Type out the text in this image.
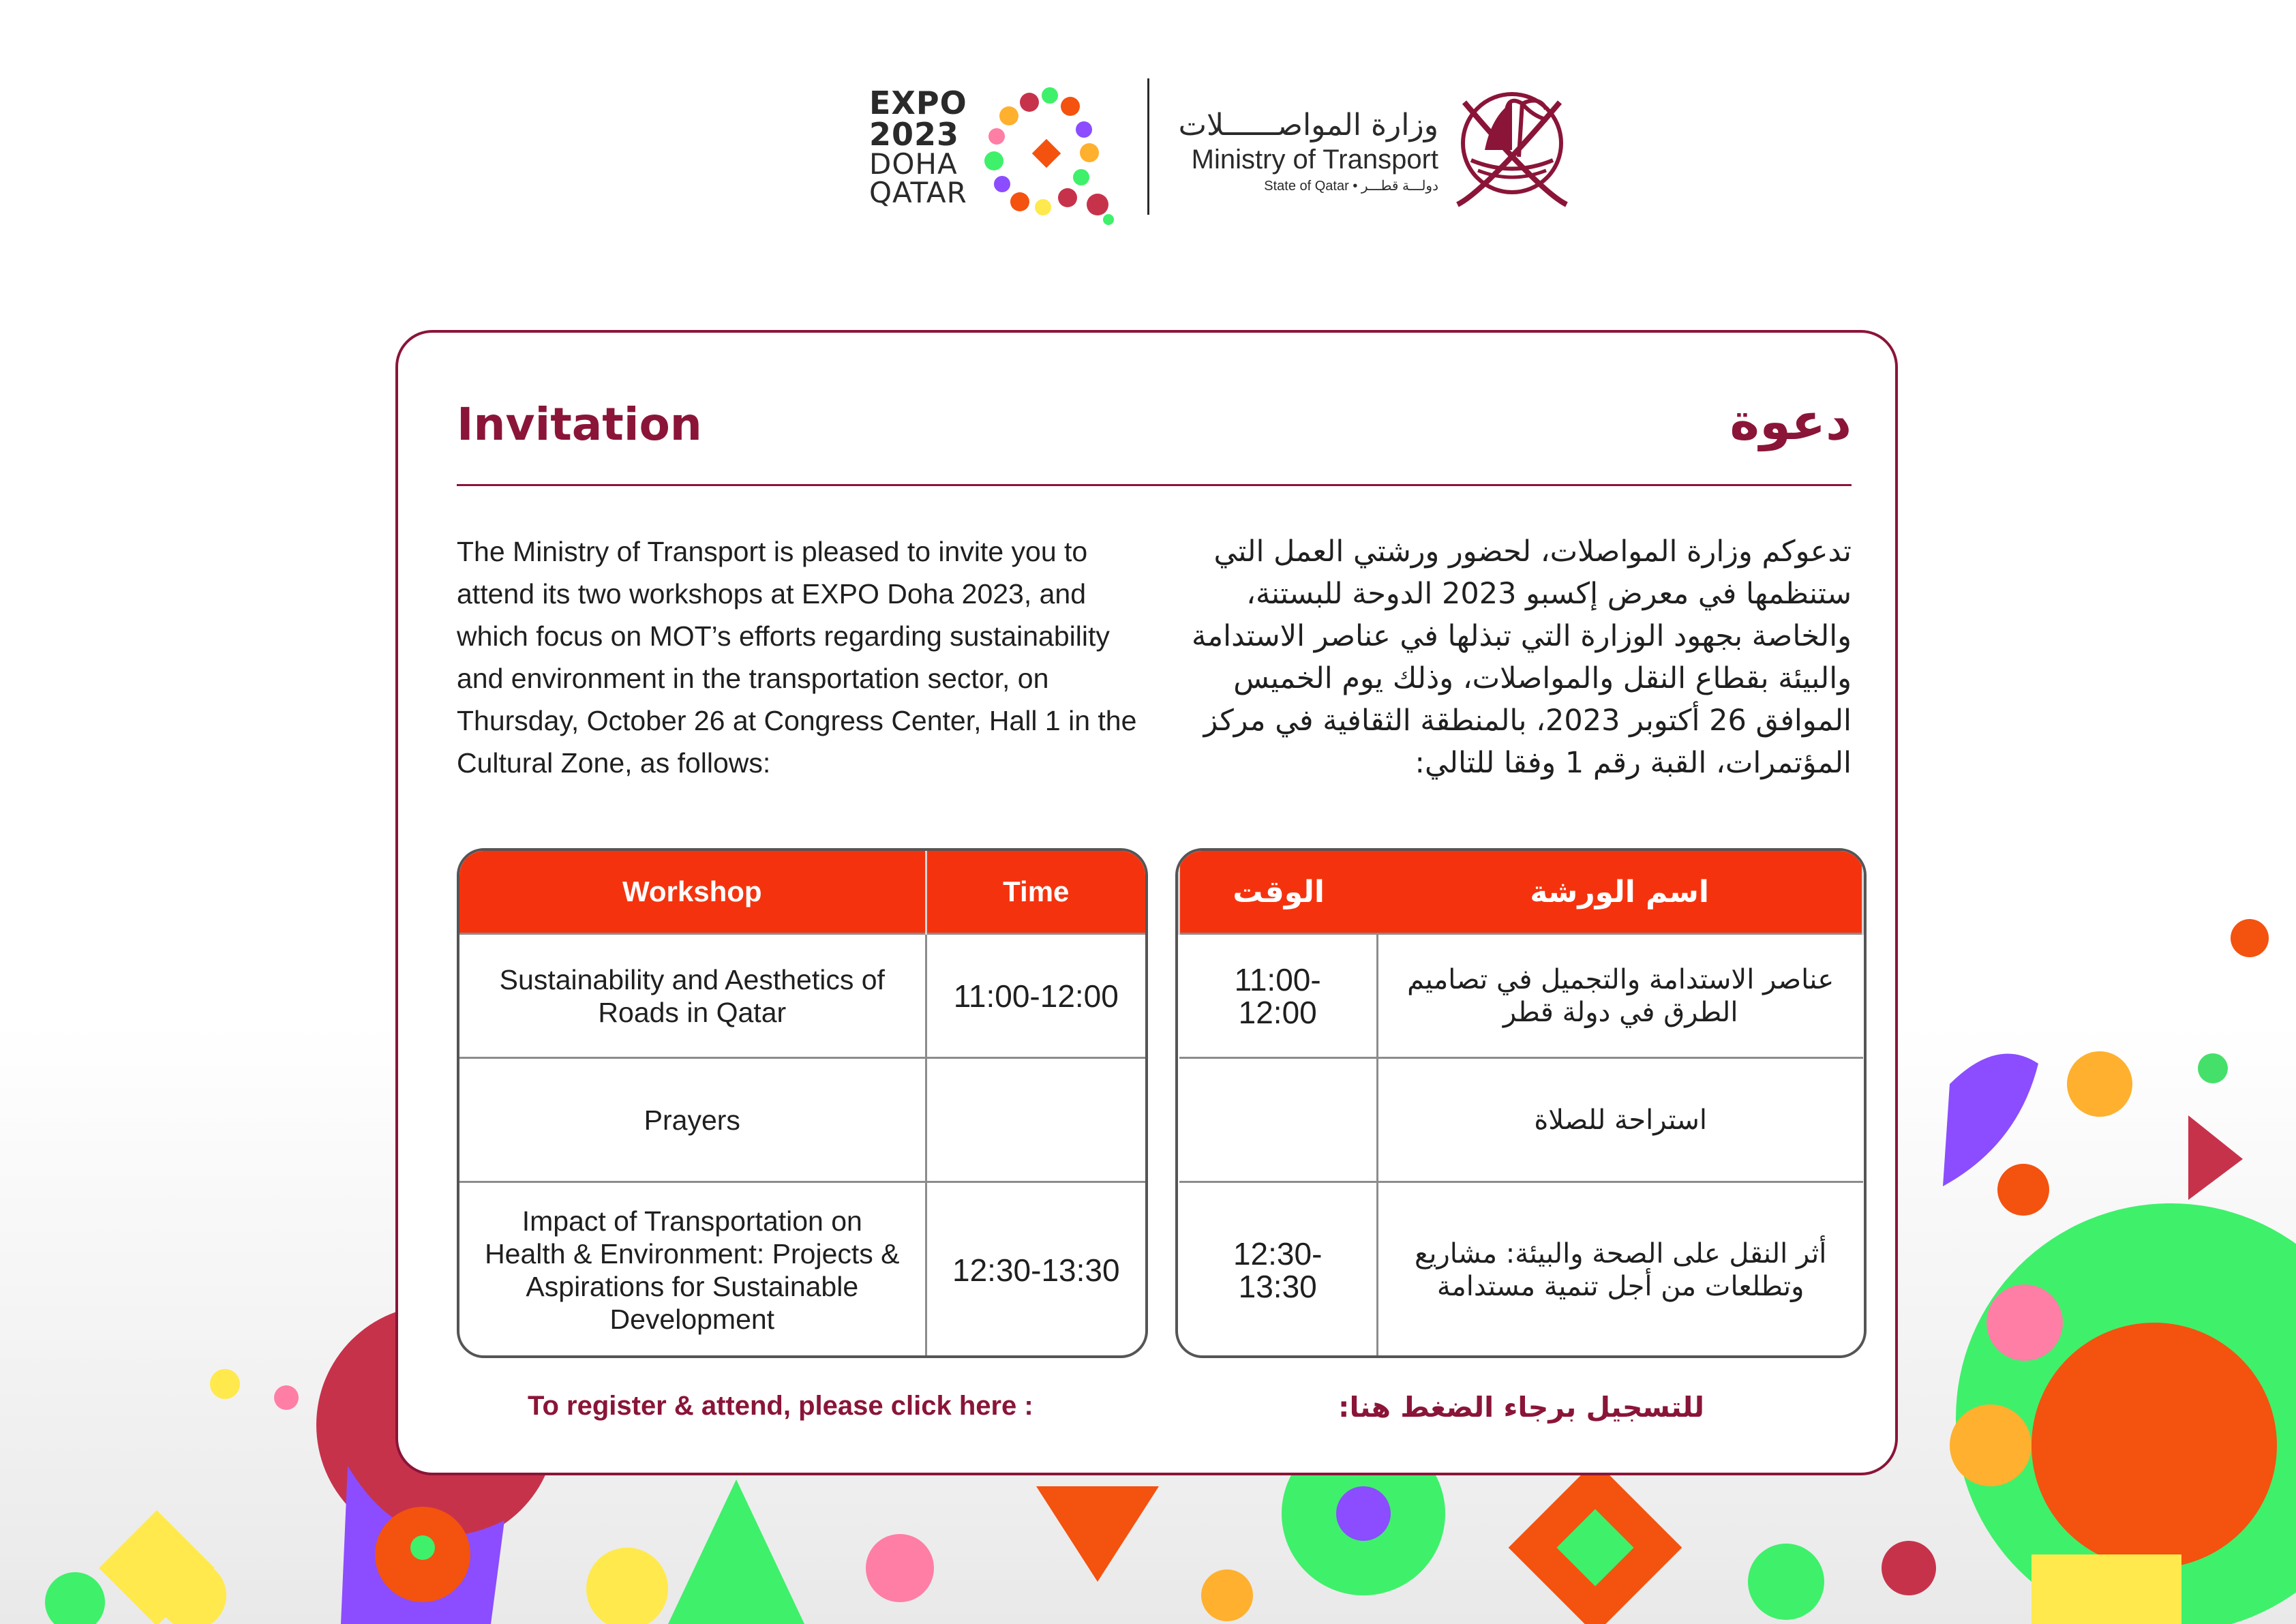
EXPO
2023
DOHA
QATAR
وزارة المواصــــــلات
Ministry of Transport
State of Qatar • دولـــة قطـــر
Invitation	دعوة
The Ministry of Transport is pleased to invite you to attend its two workshops at EXPO Doha 2023, and which focus on MOT’s efforts regarding sustainability and environment in the transportation sector, on Thursday, October 26 at Congress Center, Hall 1 in the Cultural Zone, as follows:
تدعوكم وزارة المواصلات، لحضور ورشتي العمل التي ستنظمها في معرض إكسبو 2023 الدوحة للبستنة، والخاصة بجهود الوزارة التي تبذلها في عناصر الاستدامة والبيئة بقطاع النقل والمواصلات، وذلك يوم الخميس الموافق 26 أكتوبر 2023، بالمنطقة الثقافية في مركز المؤتمرات، القبة رقم 1 وفقا للتالي:
Workshop	Time
Sustainability and Aesthetics of Roads in Qatar	11:00-12:00
Prayers	
Impact of Transportation on Health & Environment: Projects & Aspirations for Sustainable Development	12:30-13:30
اسم الورشة	الوقت
عناصر الاستدامة والتجميل في تصاميم الطرق في دولة قطر	11:00-12:00
استراحة للصلاة	
أثر النقل على الصحة والبيئة: مشاريع وتطلعات من أجل تنمية مستدامة	12:30-13:30
To register & attend, please click here :	للتسجيل برجاء الضغط هنا:
